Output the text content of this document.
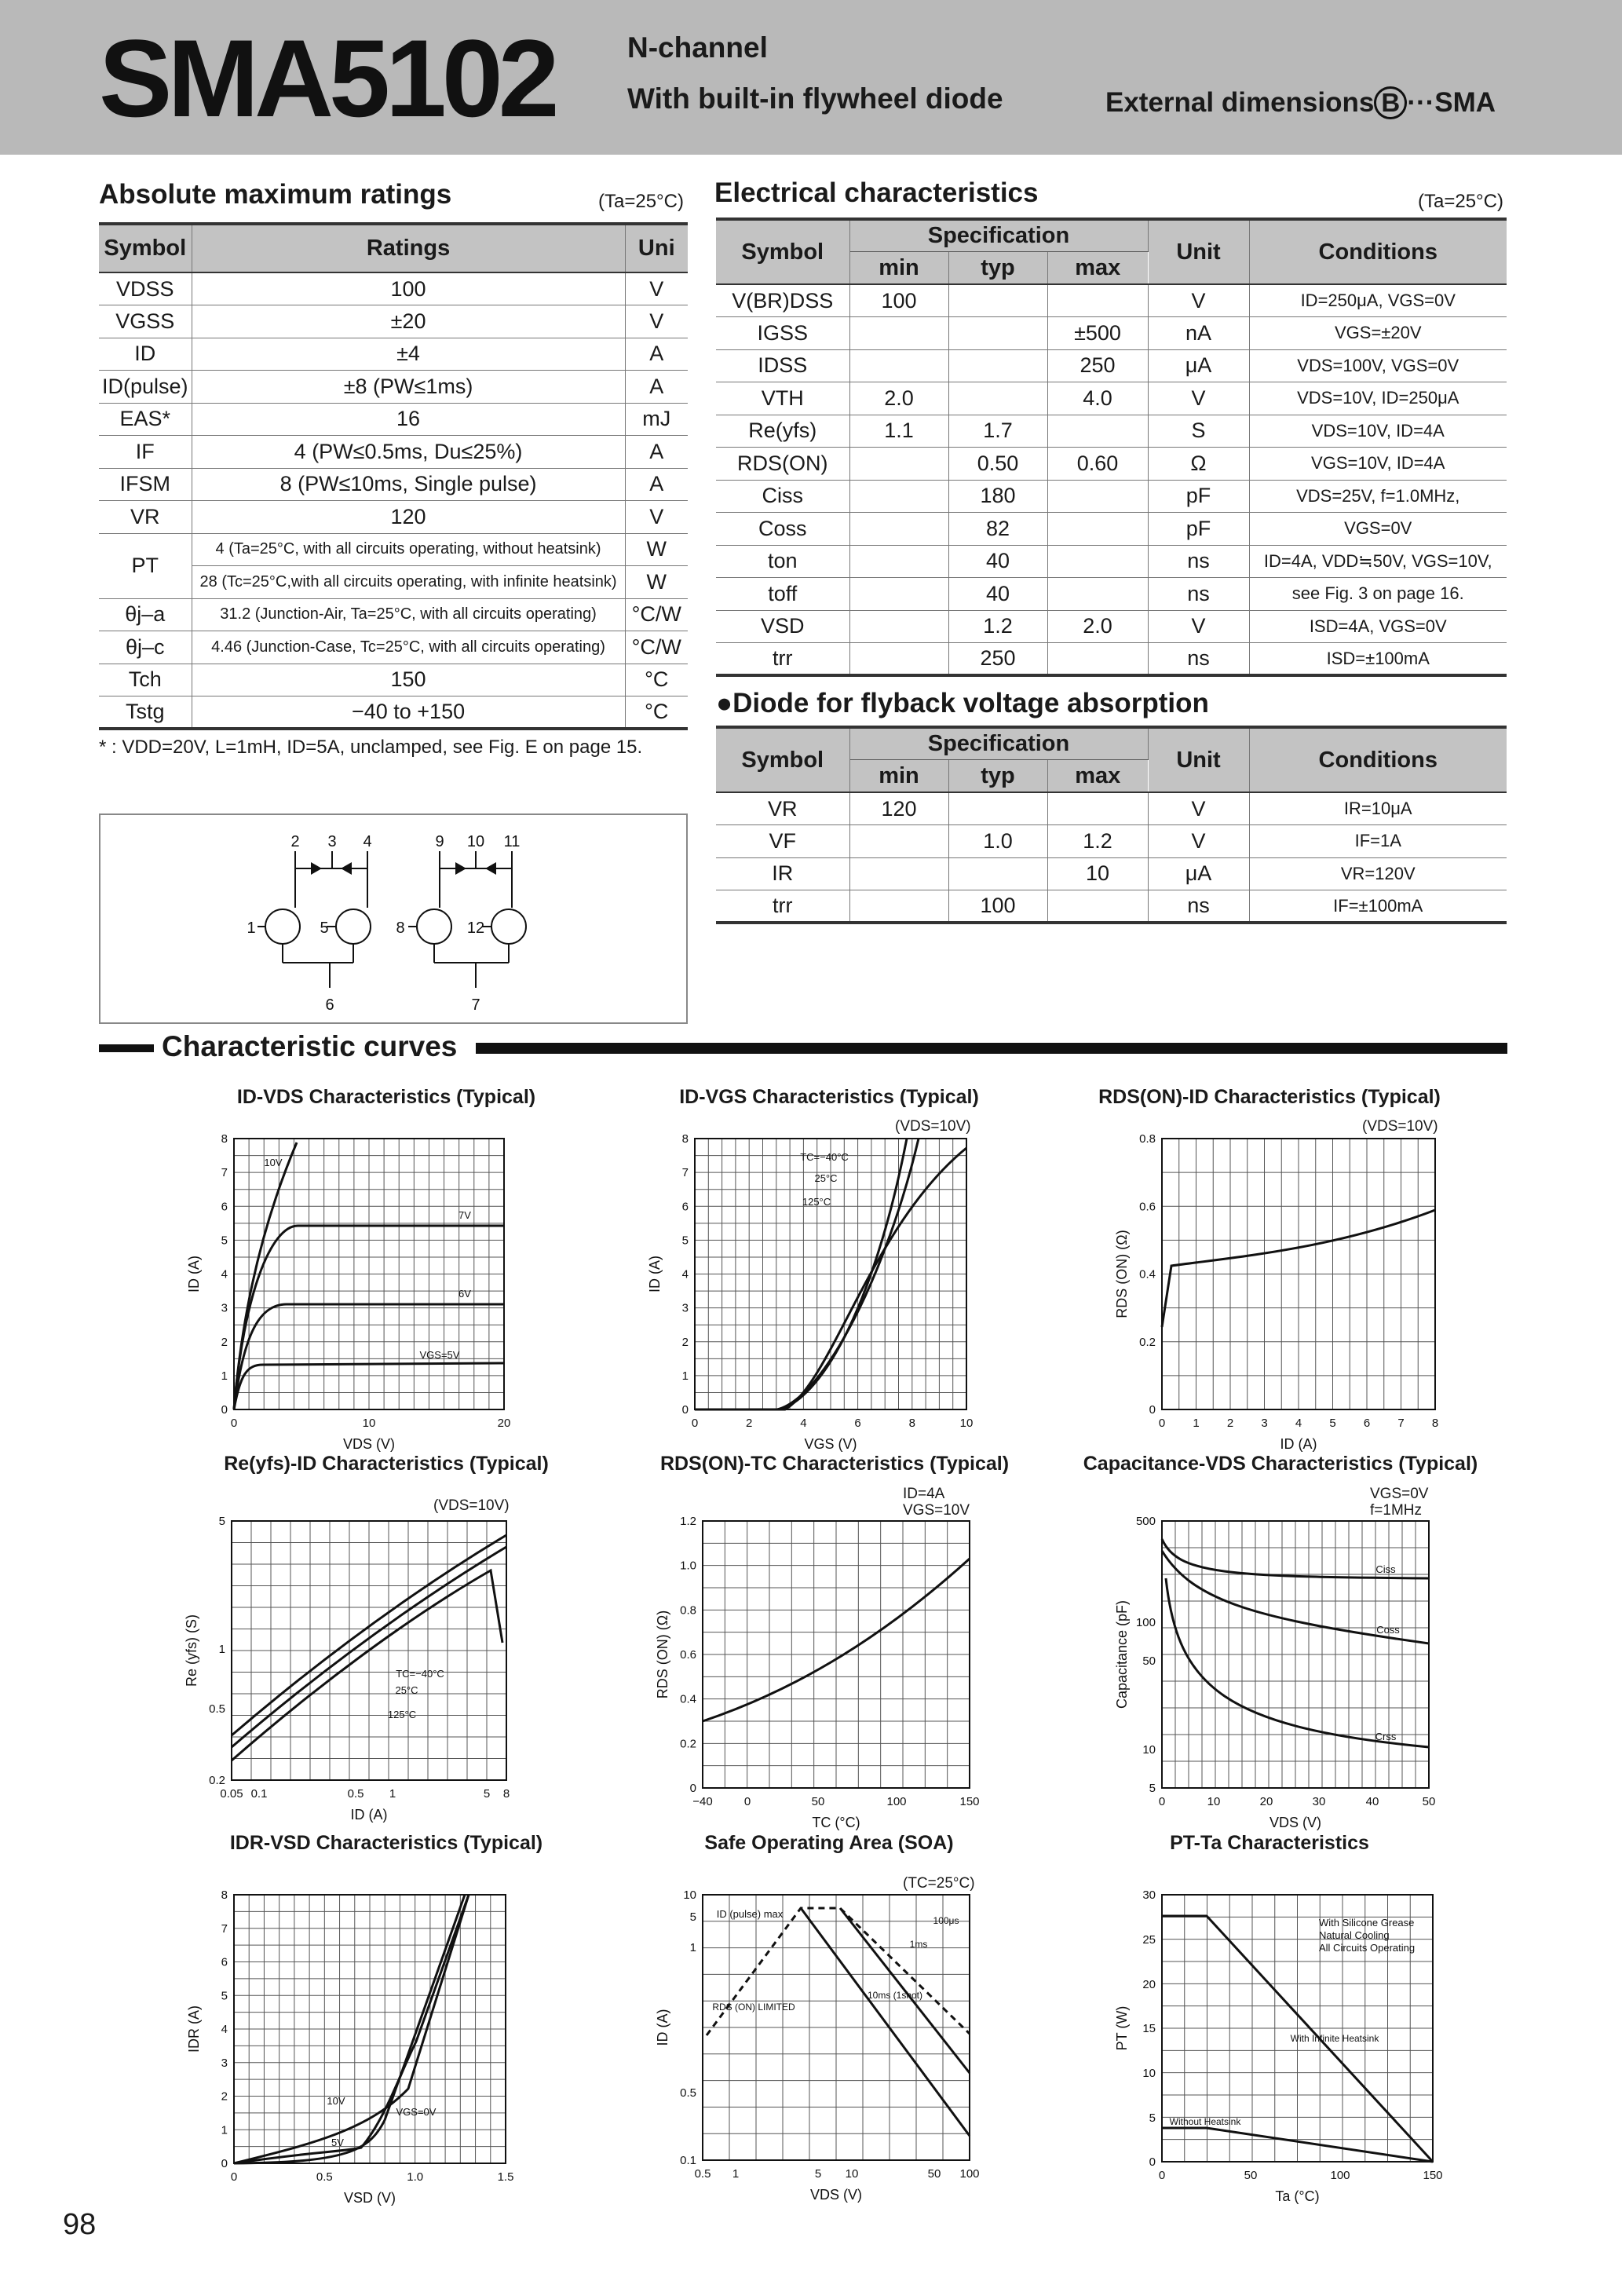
SMA5102 N-channel
With built-in flywheel diode	External dimensions B ···SMA
Absolute maximum ratings	(Ta=25°C)
Symbol	Ratings	Uni
VDSS	100	V
VGSS	±20	V
ID	±4	A
ID(pulse)	±8 (PW≤1ms)	A
EAS*	16	mJ
IF	4 (PW≤0.5ms, Du≤25%)	A
IFSM	8 (PW≤10ms, Single pulse)	A
VR	120	V
PT	4 (Ta=25°C, with all circuits operating, without heatsink)	W
	28 (Tc=25°C,with all circuits operating, with infinite heatsink)	W
θj–a	31.2 (Junction-Air, Ta=25°C, with all circuits operating)	°C/W
θj–c	4.46 (Junction-Case, Tc=25°C, with all circuits operating)	°C/W
Tch	150	°C
Tstg	−40 to +150	°C
* : VDD=20V, L=1mH, ID=5A, unclamped, see Fig. E on page 15.
Electrical characteristics	(Ta=25°C)
Symbol	Specification			Unit	Conditions
	min	typ	max		
V(BR)DSS	100			V	ID=250μA, VGS=0V
IGSS			±500	nA	VGS=±20V
IDSS			250	μA	VDS=100V, VGS=0V
VTH	2.0		4.0	V	VDS=10V, ID=250μA
Re(yfs)	1.1	1.7		S	VDS=10V, ID=4A
RDS(ON)		0.50	0.60	Ω	VGS=10V, ID=4A
Ciss		180		pF	VDS=25V, f=1.0MHz,
Coss		82		pF	VGS=0V
ton		40		ns	ID=4A, VDD≒50V, VGS=10V,
toff		40		ns	see Fig. 3 on page 16.
VSD		1.2	2.0	V	ISD=4A, VGS=0V
trr		250		ns	ISD=±100mA
●Diode for flyback voltage absorption
Symbol	Specification			Unit	Conditions
	min	typ	max		
VR	120			V	IR=10μA
VF		1.0	1.2	V	IF=1A
IR			10	μA	VR=120V
trr		100		ns	IF=±100mA
2 3 4	9 10 11
1	5	8	12
6	7
Characteristic curves
ID-VDS Characteristics (Typical)	ID-VGS Characteristics (Typical)	RDS(ON)-ID Characteristics (Typical)
(VDS=10V)	(VDS=10V)
Re(yfs)-ID Characteristics (Typical)	RDS(ON)-TC Characteristics (Typical)	Capacitance-VDS Characteristics (Typical)
(VDS=10V)
ID=4A
VGS=10V
VGS=0V
f=1MHz
IDR-VSD Characteristics (Typical)	Safe Operating Area (SOA)	PT-Ta Characteristics
(TC=25°C)
0	10	20
0
1
2
3
4
5
6
7
8
VDS (V)
ID (A)
10V
7V
6V
VGS=5V
0	2	4	6	8	10
0
1
2
3
4
5
6
7
8
VGS (V)
ID (A)
TC=−40°C
25°C
125°C
0 1 2 3 4 5 6 7 8
0
0.2
0.4
0.6
0.8
ID (A)
RDS (ON) (Ω)
0.05 0.1	0.5 1	5 8
0.2
0.5
1
5
ID (A)
Re (yfs) (S)	TC=−40°C
25°C
125°C
−40	0	50	100	150
0
0.2
0.4
0.6
0.8
1.0
1.2
TC (°C)
RDS (ON) (Ω)
0	10	20	30	40	50
5
10
50
100
500
VDS (V)
Capacitance (pF)
Ciss
Coss
Crss
0	0.5	1.0	1.5
0
1
2
3
4
5
6
7
8
VSD (V)
IDR (A)
10V
5V
VGS=0V
0.5 1	5 10	50 100
0.1
0.5
1
5
10
VDS (V)
ID (A)
ID (pulse) max
RDS (ON) LIMITED
100μs
1ms
10ms (1shot)
0	50	100	150
0
5
10
15
20
25
30
Ta (°C)
PT (W)
With Silicone Grease
Natural Cooling
All Circuits Operating
With Infinite Heatsink
Without Heatsink
98
